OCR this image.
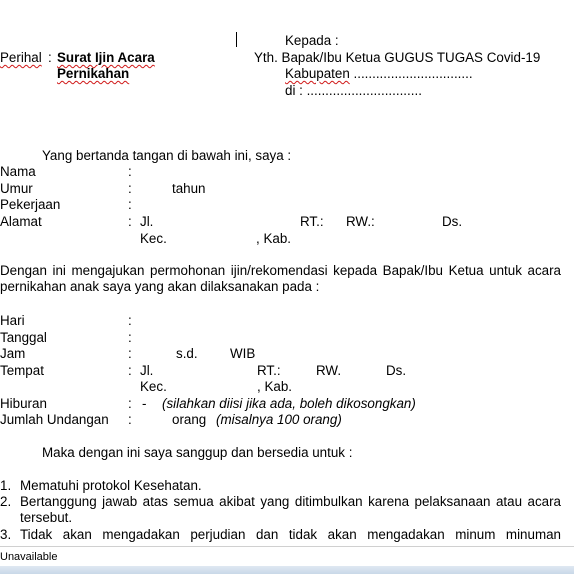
Perihal : Surat Ijin Acara
Pernikahan
Kepada :
Yth. Bapak/Ibu Ketua GUGUS TUGAS Covid-19
Kabupaten ................................
di : ...............................
Yang bertanda tangan di bawah ini, saya :
Nama	:
Umur	:	tahun
Pekerjaan	:
Alamat	: Jl.	RT.: RW.:	Ds.
Kec.	, Kab.
Dengan ini mengajukan permohonan ijin/rekomendasi kepada Bapak/Ibu Ketua untuk acara pernikahan anak saya yang akan dilaksanakan pada :
Hari	:
Tanggal	:
Jam	:	s.d. WIB
Tempat	: Jl.	RT.:	RW.	Ds.
Kec.	, Kab.
Hiburan	: - (silahkan diisi jika ada, boleh dikosongkan)
Jumlah Undangan :	orang (misalnya 100 orang)
Maka dengan ini saya sanggup dan bersedia untuk :
1. Mematuhi protokol Kesehatan.
2. Bertanggung jawab atas semua akibat yang ditimbulkan karena pelaksanaan atau acara tersebut.
3. Tidak akan mengadakan perjudian dan tidak akan mengadakan minum minuman
Unavailable
